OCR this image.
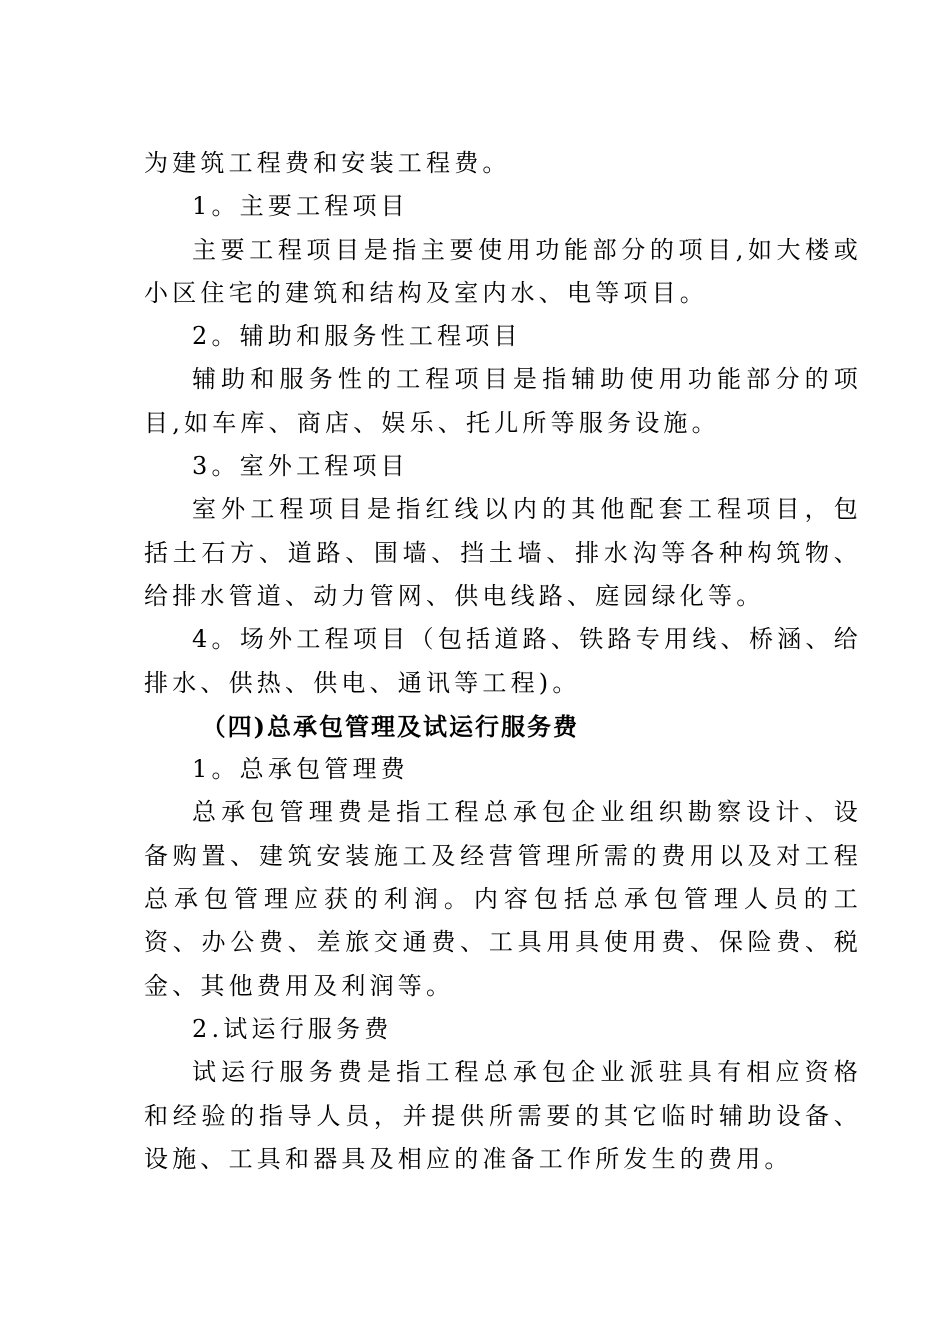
为建筑工程费和安装工程费。

1。主要工程项目

主要工程项目是指主要使用功能部分的项目,如大楼或小区住宅的建筑和结构及室内水、电等项目。

2。辅助和服务性工程项目

辅助和服务性的工程项目是指辅助使用功能部分的项目,如车库、商店、娱乐、托儿所等服务设施。

3。室外工程项目

室外工程项目是指红线以内的其他配套工程项目，包括土石方、道路、围墙、挡土墙、排水沟等各种构筑物、给排水管道、动力管网、供电线路、庭园绿化等。

4。场外工程项目（包括道路、铁路专用线、桥涵、给排水、供热、供电、通讯等工程)。

（四)总承包管理及试运行服务费

1。总承包管理费

总承包管理费是指工程总承包企业组织勘察设计、设备购置、建筑安装施工及经营管理所需的费用以及对工程总承包管理应获的利润。内容包括总承包管理人员的工资、办公费、差旅交通费、工具用具使用费、保险费、税金、其他费用及利润等。

2.试运行服务费

试运行服务费是指工程总承包企业派驻具有相应资格和经验的指导人员，并提供所需要的其它临时辅助设备、设施、工具和器具及相应的准备工作所发生的费用。
